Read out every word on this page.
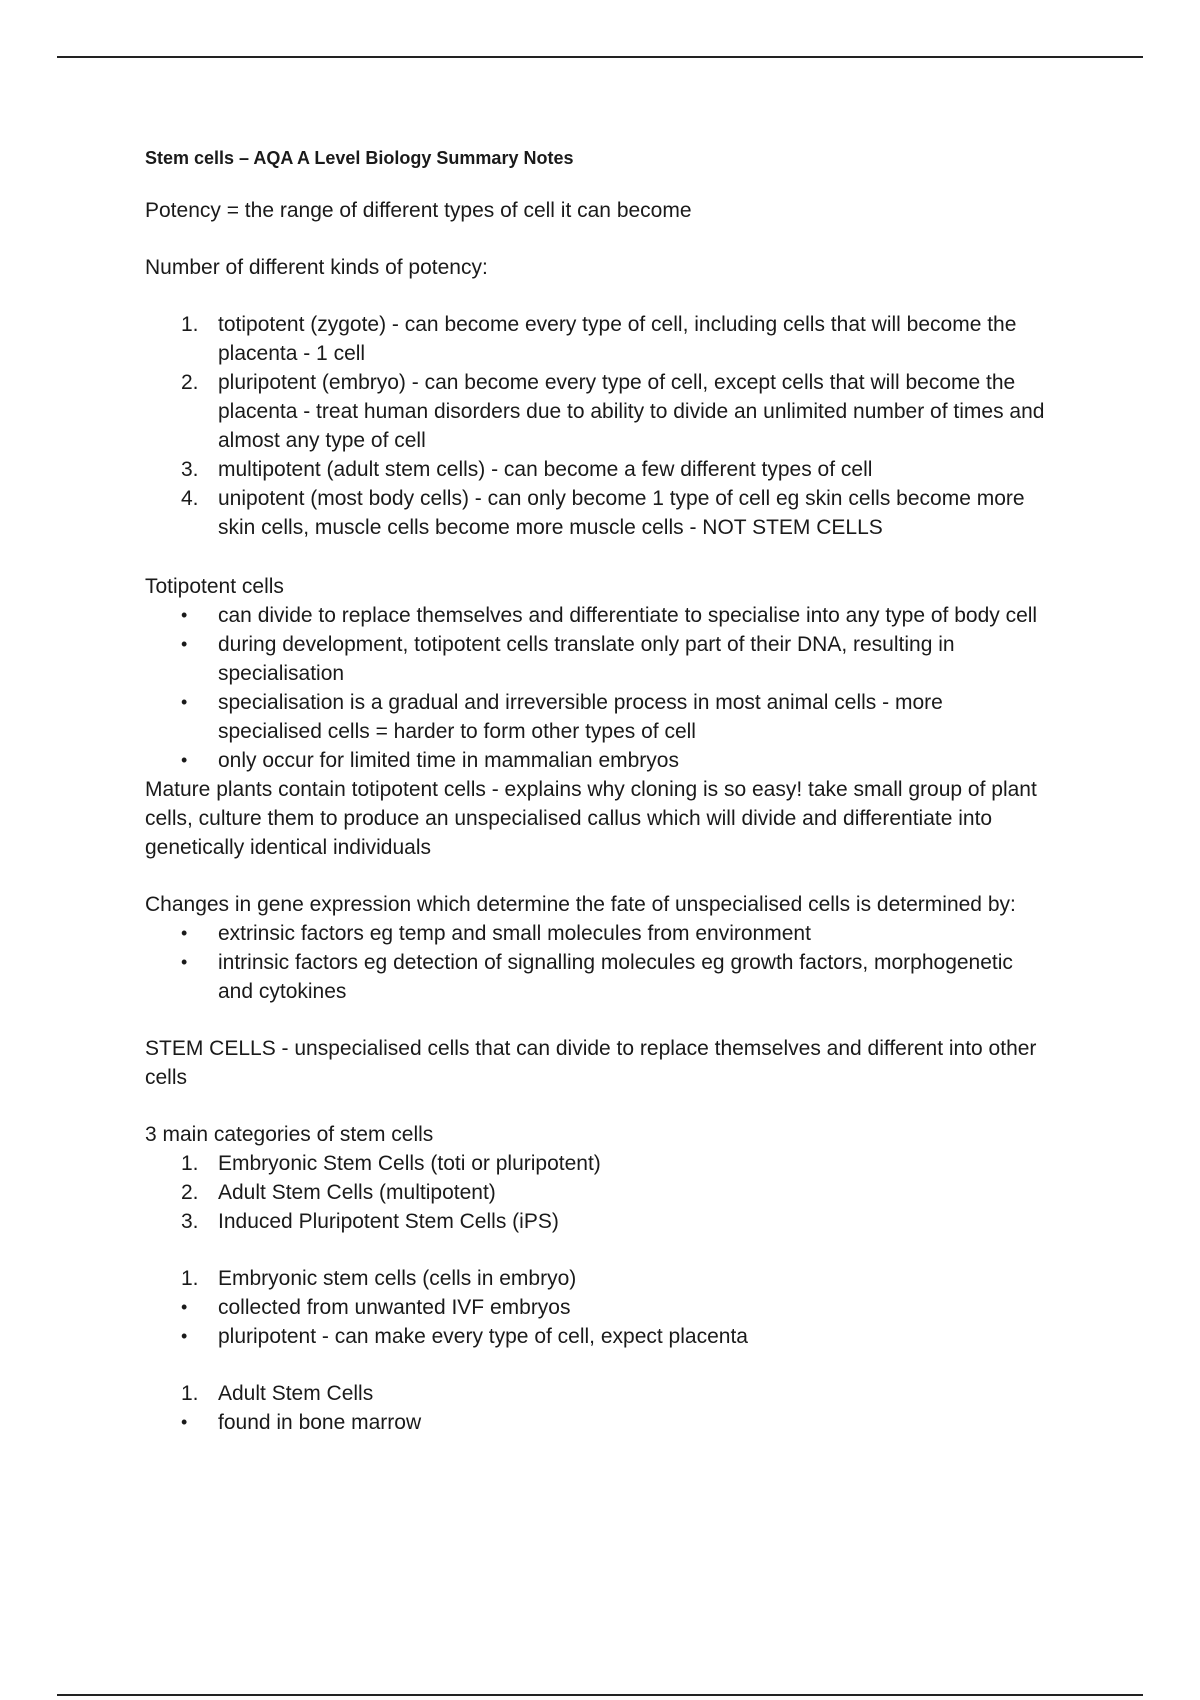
Stem cells – AQA A Level Biology Summary Notes

Potency = the range of different types of cell it can become

Number of different kinds of potency:

1. totipotent (zygote) - can become every type of cell, including cells that will become the placenta - 1 cell
2. pluripotent (embryo) - can become every type of cell, except cells that will become the placenta - treat human disorders due to ability to divide an unlimited number of times and almost any type of cell
3. multipotent (adult stem cells) - can become a few different types of cell
4. unipotent (most body cells) - can only become 1 type of cell eg skin cells become more skin cells, muscle cells become more muscle cells - NOT STEM CELLS

Totipotent cells

• can divide to replace themselves and differentiate to specialise into any type of body cell
• during development, totipotent cells translate only part of their DNA, resulting in specialisation
• specialisation is a gradual and irreversible process in most animal cells - more specialised cells = harder to form other types of cell
• only occur for limited time in mammalian embryos

Mature plants contain totipotent cells - explains why cloning is so easy! take small group of plant cells, culture them to produce an unspecialised callus which will divide and differentiate into genetically identical individuals

Changes in gene expression which determine the fate of unspecialised cells is determined by:

• extrinsic factors eg temp and small molecules from environment
• intrinsic factors eg detection of signalling molecules eg growth factors, morphogenetic and cytokines

STEM CELLS - unspecialised cells that can divide to replace themselves and different into other cells

3 main categories of stem cells

1. Embryonic Stem Cells (toti or pluripotent)
2. Adult Stem Cells (multipotent)
3. Induced Pluripotent Stem Cells (iPS)
1. Embryonic stem cells (cells in embryo)
• collected from unwanted IVF embryos
• pluripotent - can make every type of cell, expect placenta
1. Adult Stem Cells
• found in bone marrow
